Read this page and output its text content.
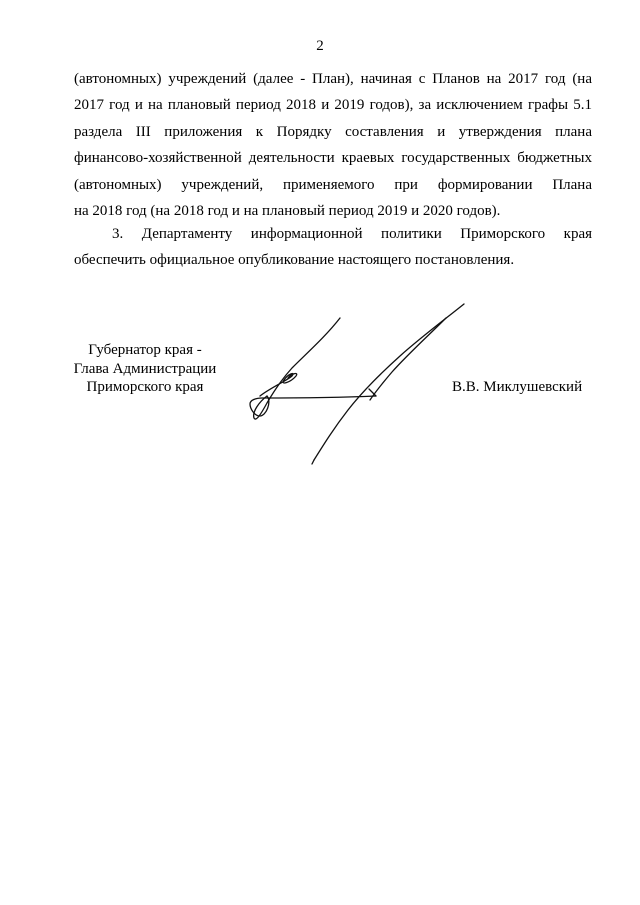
2
(автономных) учреждений (далее - План), начиная с Планов на 2017 год (на
2017 год и на плановый период 2018 и 2019 годов), за исключением графы 5.1
раздела III приложения к Порядку составления и утверждения плана
финансово-хозяйственной деятельности краевых государственных бюджетных
(автономных) учреждений, применяемого при формировании Плана
на 2018 год (на 2018 год и на плановый период 2019 и 2020 годов).
3. Департаменту информационной политики Приморского края
обеспечить официальное опубликование настоящего постановления.
Губернатор края -
Глава Администрации
Приморского края	В.В. Миклушевский
